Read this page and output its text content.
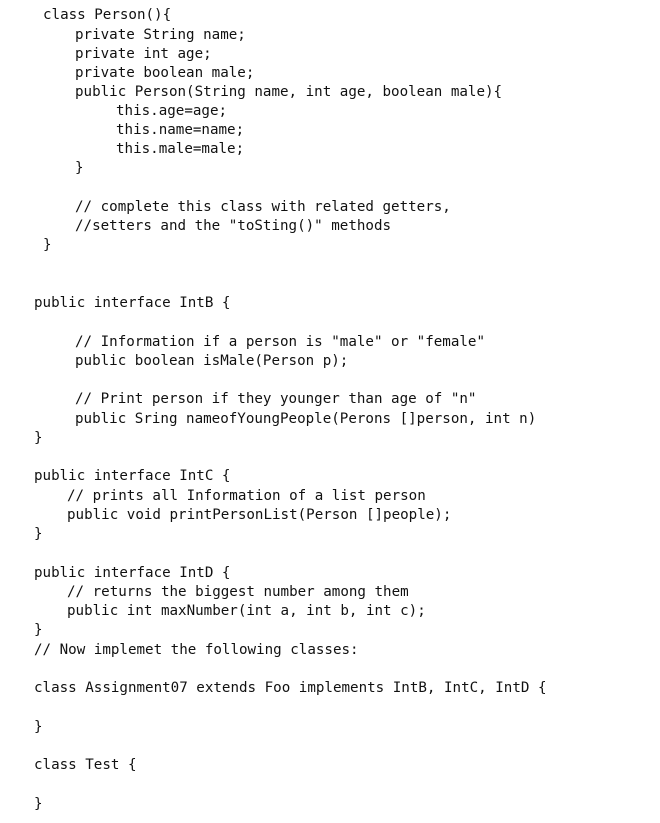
class Person(){
private String name;
private int age;
private boolean male;
public Person(String name, int age, boolean male){
this.age=age;
this.name=name;
this.male=male;
}
// complete this class with related getters,
//setters and the "toSting()" methods
}
public interface IntB {
// Information if a person is "male" or "female"
public boolean isMale(Person p);
// Print person if they younger than age of "n"
public Sring nameofYoungPeople(Perons []person, int n)
}
public interface IntC {
// prints all Information of a list person
public void printPersonList(Person []people);
}
public interface IntD {
// returns the biggest number among them
public int maxNumber(int a, int b, int c);
}
// Now implemet the following classes:
class Assignment07 extends Foo implements IntB, IntC, IntD {
}
class Test {
}
